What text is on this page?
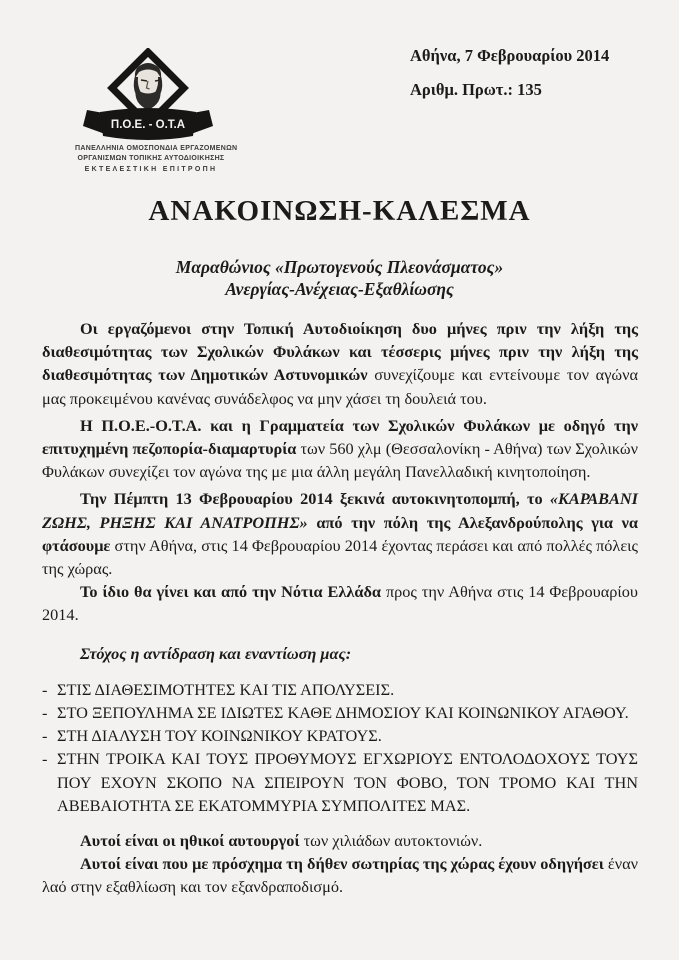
Π.Ο.Ε. - Ο.Τ.Α
ΠΑΝΕΛΛΗΝΙΑ ΟΜΟΣΠΟΝΔΙΑ ΕΡΓΑΖΟΜΕΝΩΝ
ΟΡΓΑΝΙΣΜΩΝ ΤΟΠΙΚΗΣ ΑΥΤΟΔΙΟΙΚΗΣΗΣ
ΕΚΤΕΛΕΣΤΙΚΗ ΕΠΙΤΡΟΠΗ
Αθήνα, 7 Φεβρουαρίου 2014
Αριθμ. Πρωτ.: 135
ΑΝΑΚΟΙΝΩΣΗ-ΚΑΛΕΣΜΑ
Μαραθώνιος «Πρωτογενούς Πλεονάσματος»
Ανεργίας-Ανέχειας-Εξαθλίωσης

Οι εργαζόμενοι στην Τοπική Αυτοδιοίκηση δυο μήνες πριν την λήξη της διαθεσιμότητας των Σχολικών Φυλάκων και τέσσερις μήνες πριν την λήξη της διαθεσιμότητας των Δημοτικών Αστυνομικών συνεχίζουμε και εντείνουμε τον αγώνα μας προκειμένου κανένας συνάδελφος να μην χάσει τη δουλειά του.

Η Π.Ο.Ε.-Ο.Τ.Α. και η Γραμματεία των Σχολικών Φυλάκων με οδηγό την επιτυχημένη πεζοπορία-διαμαρτυρία των 560 χλμ (Θεσσαλονίκη - Αθήνα) των Σχολικών Φυλάκων συνεχίζει τον αγώνα της με μια άλλη μεγάλη Πανελλαδική κινητοποίηση.

Την Πέμπτη 13 Φεβρουαρίου 2014 ξεκινά αυτοκινητοπομπή, το «ΚΑΡΑΒΑΝΙ ΖΩΗΣ, ΡΗΞΗΣ ΚΑΙ ΑΝΑΤΡΟΠΗΣ» από την πόλη της Αλεξανδρούπολης για να φτάσουμε στην Αθήνα, στις 14 Φεβρουαρίου 2014 έχοντας περάσει και από πολλές πόλεις της χώρας.

Το ίδιο θα γίνει και από την Νότια Ελλάδα προς την Αθήνα στις 14 Φεβρουαρίου 2014.

Στόχος η αντίδραση και εναντίωση μας:

- ΣΤΙΣ ΔΙΑΘΕΣΙΜΟΤΗΤΕΣ ΚΑΙ ΤΙΣ ΑΠΟΛΥΣΕΙΣ.
- ΣΤΟ ΞΕΠΟΥΛΗΜΑ ΣΕ ΙΔΙΩΤΕΣ ΚΑΘΕ ΔΗΜΟΣΙΟΥ ΚΑΙ ΚΟΙΝΩΝΙΚΟΥ ΑΓΑΘΟΥ.
- ΣΤΗ ΔΙΑΛΥΣΗ ΤΟΥ ΚΟΙΝΩΝΙΚΟΥ ΚΡΑΤΟΥΣ.
- ΣΤΗΝ ΤΡΟΙΚΑ ΚΑΙ ΤΟΥΣ ΠΡΟΘΥΜΟΥΣ ΕΓΧΩΡΙΟΥΣ ΕΝΤΟΛΟΔΟΧΟΥΣ ΤΟΥΣ ΠΟΥ ΕΧΟΥΝ ΣΚΟΠΟ ΝΑ ΣΠΕΙΡΟΥΝ ΤΟΝ ΦΟΒΟ, ΤΟΝ ΤΡΟΜΟ ΚΑΙ ΤΗΝ ΑΒΕΒΑΙΟΤΗΤΑ ΣΕ ΕΚΑΤΟΜΜΥΡΙΑ ΣΥΜΠΟΛΙΤΕΣ ΜΑΣ.

Αυτοί είναι οι ηθικοί αυτουργοί των χιλιάδων αυτοκτονιών.

Αυτοί είναι που με πρόσχημα τη δήθεν σωτηρίας της χώρας έχουν οδηγήσει έναν λαό στην εξαθλίωση και τον εξανδραποδισμό.
